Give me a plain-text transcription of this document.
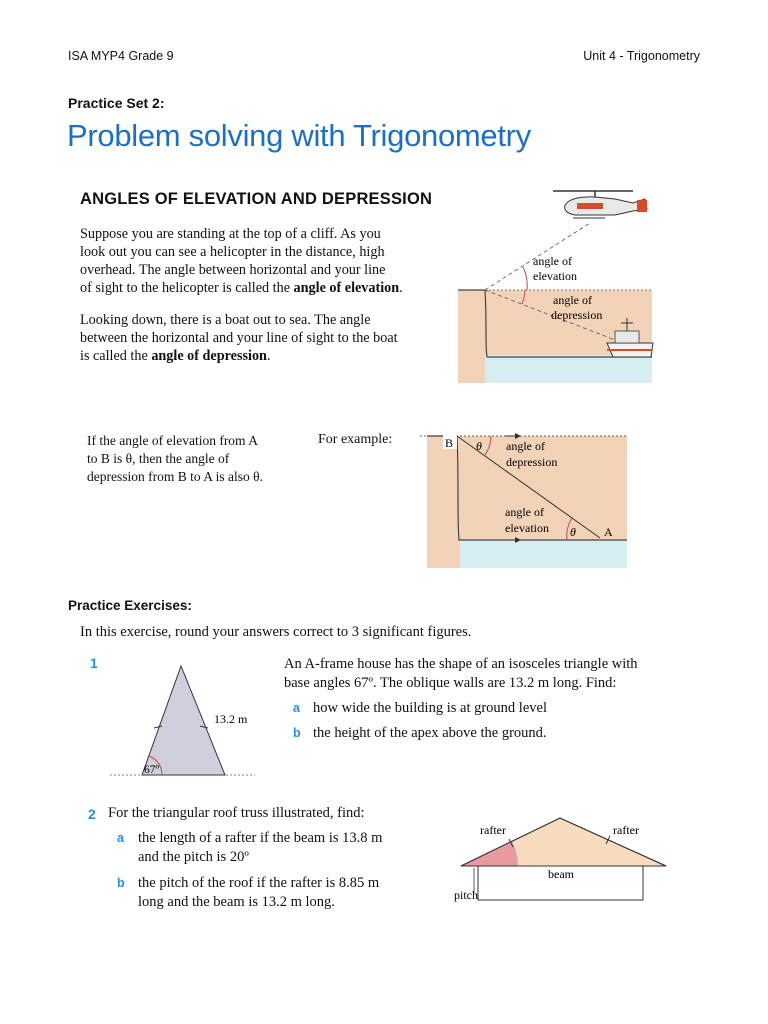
ISA MYP4 Grade 9	Unit 4 - Trigonometry
Practice Set 2:
Problem solving with Trigonometry
ANGLES OF ELEVATION AND DEPRESSION
Suppose you are standing at the top of a cliff. As you
look out you can see a helicopter in the distance, high
overhead. The angle between horizontal and your line
of sight to the helicopter is called the angle of elevation.
Looking down, there is a boat out to sea. The angle
between the horizontal and your line of sight to the boat
is called the angle of depression.
angle of
elevation
angle of
depression
If the angle of elevation from A
to B is θ, then the angle of
depression from B to A is also θ.
For example:	B θ angle of
depression
angle of
elevation θ A
Practice Exercises:
In this exercise, round your answers correct to 3 significant figures.
1
13.2 m
67º
An A-frame house has the shape of an isosceles triangle with
base angles 67º. The oblique walls are 13.2 m long. Find:
a how wide the building is at ground level
b the height of the apex above the ground.
2 For the triangular roof truss illustrated, find:
a the length of a rafter if the beam is 13.8 m
and the pitch is 20º
b the pitch of the roof if the rafter is 8.85 m
long and the beam is 13.2 m long.
rafter	rafter
beam
pitch
